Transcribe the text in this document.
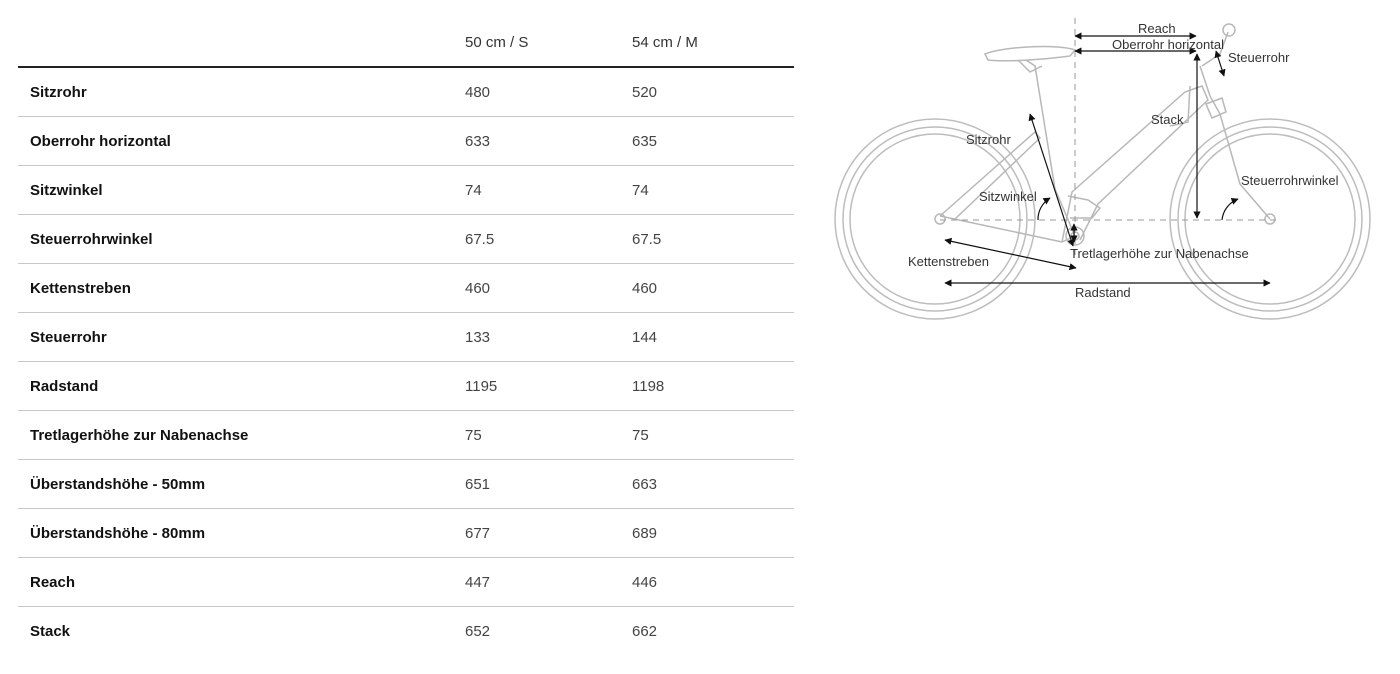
	50 cm / S	54 cm / M
Sitzrohr	480	520
Oberrohr horizontal	633	635
Sitzwinkel	74	74
Steuerrohrwinkel	67.5	67.5
Kettenstreben	460	460
Steuerrohr	133	144
Radstand	1195	1198
Tretlagerhöhe zur Nabenachse	75	75
Überstandshöhe - 50mm	651	663
Überstandshöhe - 80mm	677	689
Reach	447	446
Stack	652	662
Reach
Oberrohr horizontal
Steuerrohr
Stack
Sitzrohr
Steuerrohrwinkel
Sitzwinkel
Tretlagerhöhe zur Nabenachse
Kettenstreben
Radstand
